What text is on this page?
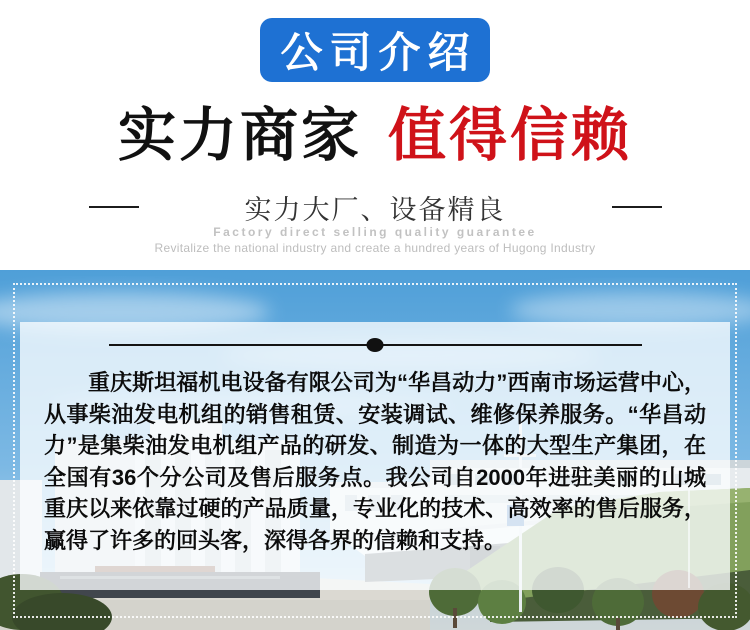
公司介绍
实力商家 值得信赖
实力大厂、设备精良
Factory direct selling quality guarantee
Revitalize the national industry and create a hundred years of Hugong Industry

重庆斯坦福机电设备有限公司为“华昌动力”西南市场运营中心，从事柴油发电机组的销售租赁、安装调试、维修保养服务。“华昌动力”是集柴油发电机组产品的研发、制造为一体的大型生产集团，在全国有36个分公司及售后服务点。我公司自2000年进驻美丽的山城重庆以来依靠过硬的产品质量，专业化的技术、高效率的售后服务，赢得了许多的回头客，深得各界的信赖和支持。
